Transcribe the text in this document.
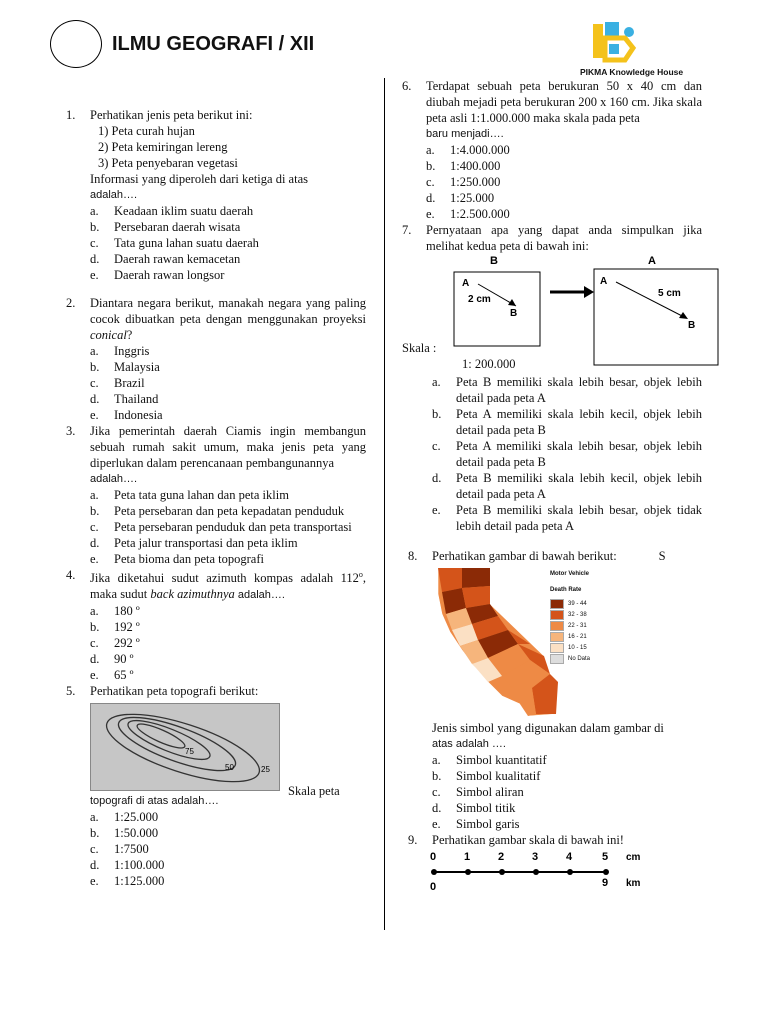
ILMU GEOGRAFI / XII
PIKMA Knowledge House
1. Perhatikan jenis peta berikut ini:

1) Peta curah hujan
2) Peta kemiringan lereng
3) Peta penyebaran vegetasi

Informasi yang diperoleh dari ketiga di atas

adalah….

a. Keadaan iklim suatu daerah
b. Persebaran daerah wisata
c. Tata guna lahan suatu daerah
d. Daerah rawan kemacetan
e. Daerah rawan longsor
2. Diantara negara berikut, manakah negara yang paling cocok dibuatkan peta dengan menggunakan proyeksi conical?

a. Inggris
b. Malaysia
c. Brazil
d. Thailand
e. Indonesia
3. Jika pemerintah daerah Ciamis ingin membangun sebuah rumah sakit umum, maka jenis peta yang diperlukan dalam perencanaan pembangunannya

adalah….

a. Peta tata guna lahan dan peta iklim
b. Peta persebaran dan peta kepadatan penduduk
c. Peta persebaran penduduk dan peta transportasi
d. Peta jalur transportasi dan peta iklim
e. Peta bioma dan peta topografi
4. Jika diketahui sudut azimuth kompas adalah 112$^o$, maka sudut back azimuthnya adalah….

a. 180 º
b. 192 º
c. 292 º
d. 90 º
e. 65 º
5. Perhatikan peta topografi berikut:

75
50	25
Skala peta

topografi di atas adalah….

a. 1:25.000
b. 1:50.000
c. 1:7500
d. 1:100.000
e. 1:125.000
6. Terdapat sebuah peta berukuran 50 x 40 cm dan diubah mejadi peta berukuran 200 x 160 cm. Jika skala peta asli 1:1.000.000 maka skala pada peta

baru menjadi….

a. 1:4.000.000
b. 1:400.000
c. 1:250.000
d. 1:25.000
e. 1:2.500.000
7. Pernyataan apa yang dapat anda simpulkan jika melihat kedua peta di bawah ini:

B	A
A
2 cm
B
A
5 cm
B
Skala :
1: 200.000
a. Peta B memiliki skala lebih besar, objek lebih detail pada peta A
b. Peta A memiliki skala lebih kecil, objek lebih detail pada peta B
c. Peta A memiliki skala lebih besar, objek lebih detail pada peta B
d. Peta B memiliki skala lebih kecil, objek lebih detail pada peta A
e. Peta B memiliki skala lebih besar, objek tidak lebih detail pada peta A
8. Perhatikan gambar di bawah berikut:	S

Motor Vehicle
Death Rate
39 - 44
32 - 38
22 - 31
16 - 21
10 - 15
No Data

Jenis simbol yang digunakan dalam gambar di

atas adalah ….

a. Simbol kuantitatif
b. Simbol kualitatif
c. Simbol aliran
d. Simbol titik
e. Simbol garis
9. Perhatikan gambar skala di bawah ini!

0	1	2	3	4	5 cm
0	9 km
